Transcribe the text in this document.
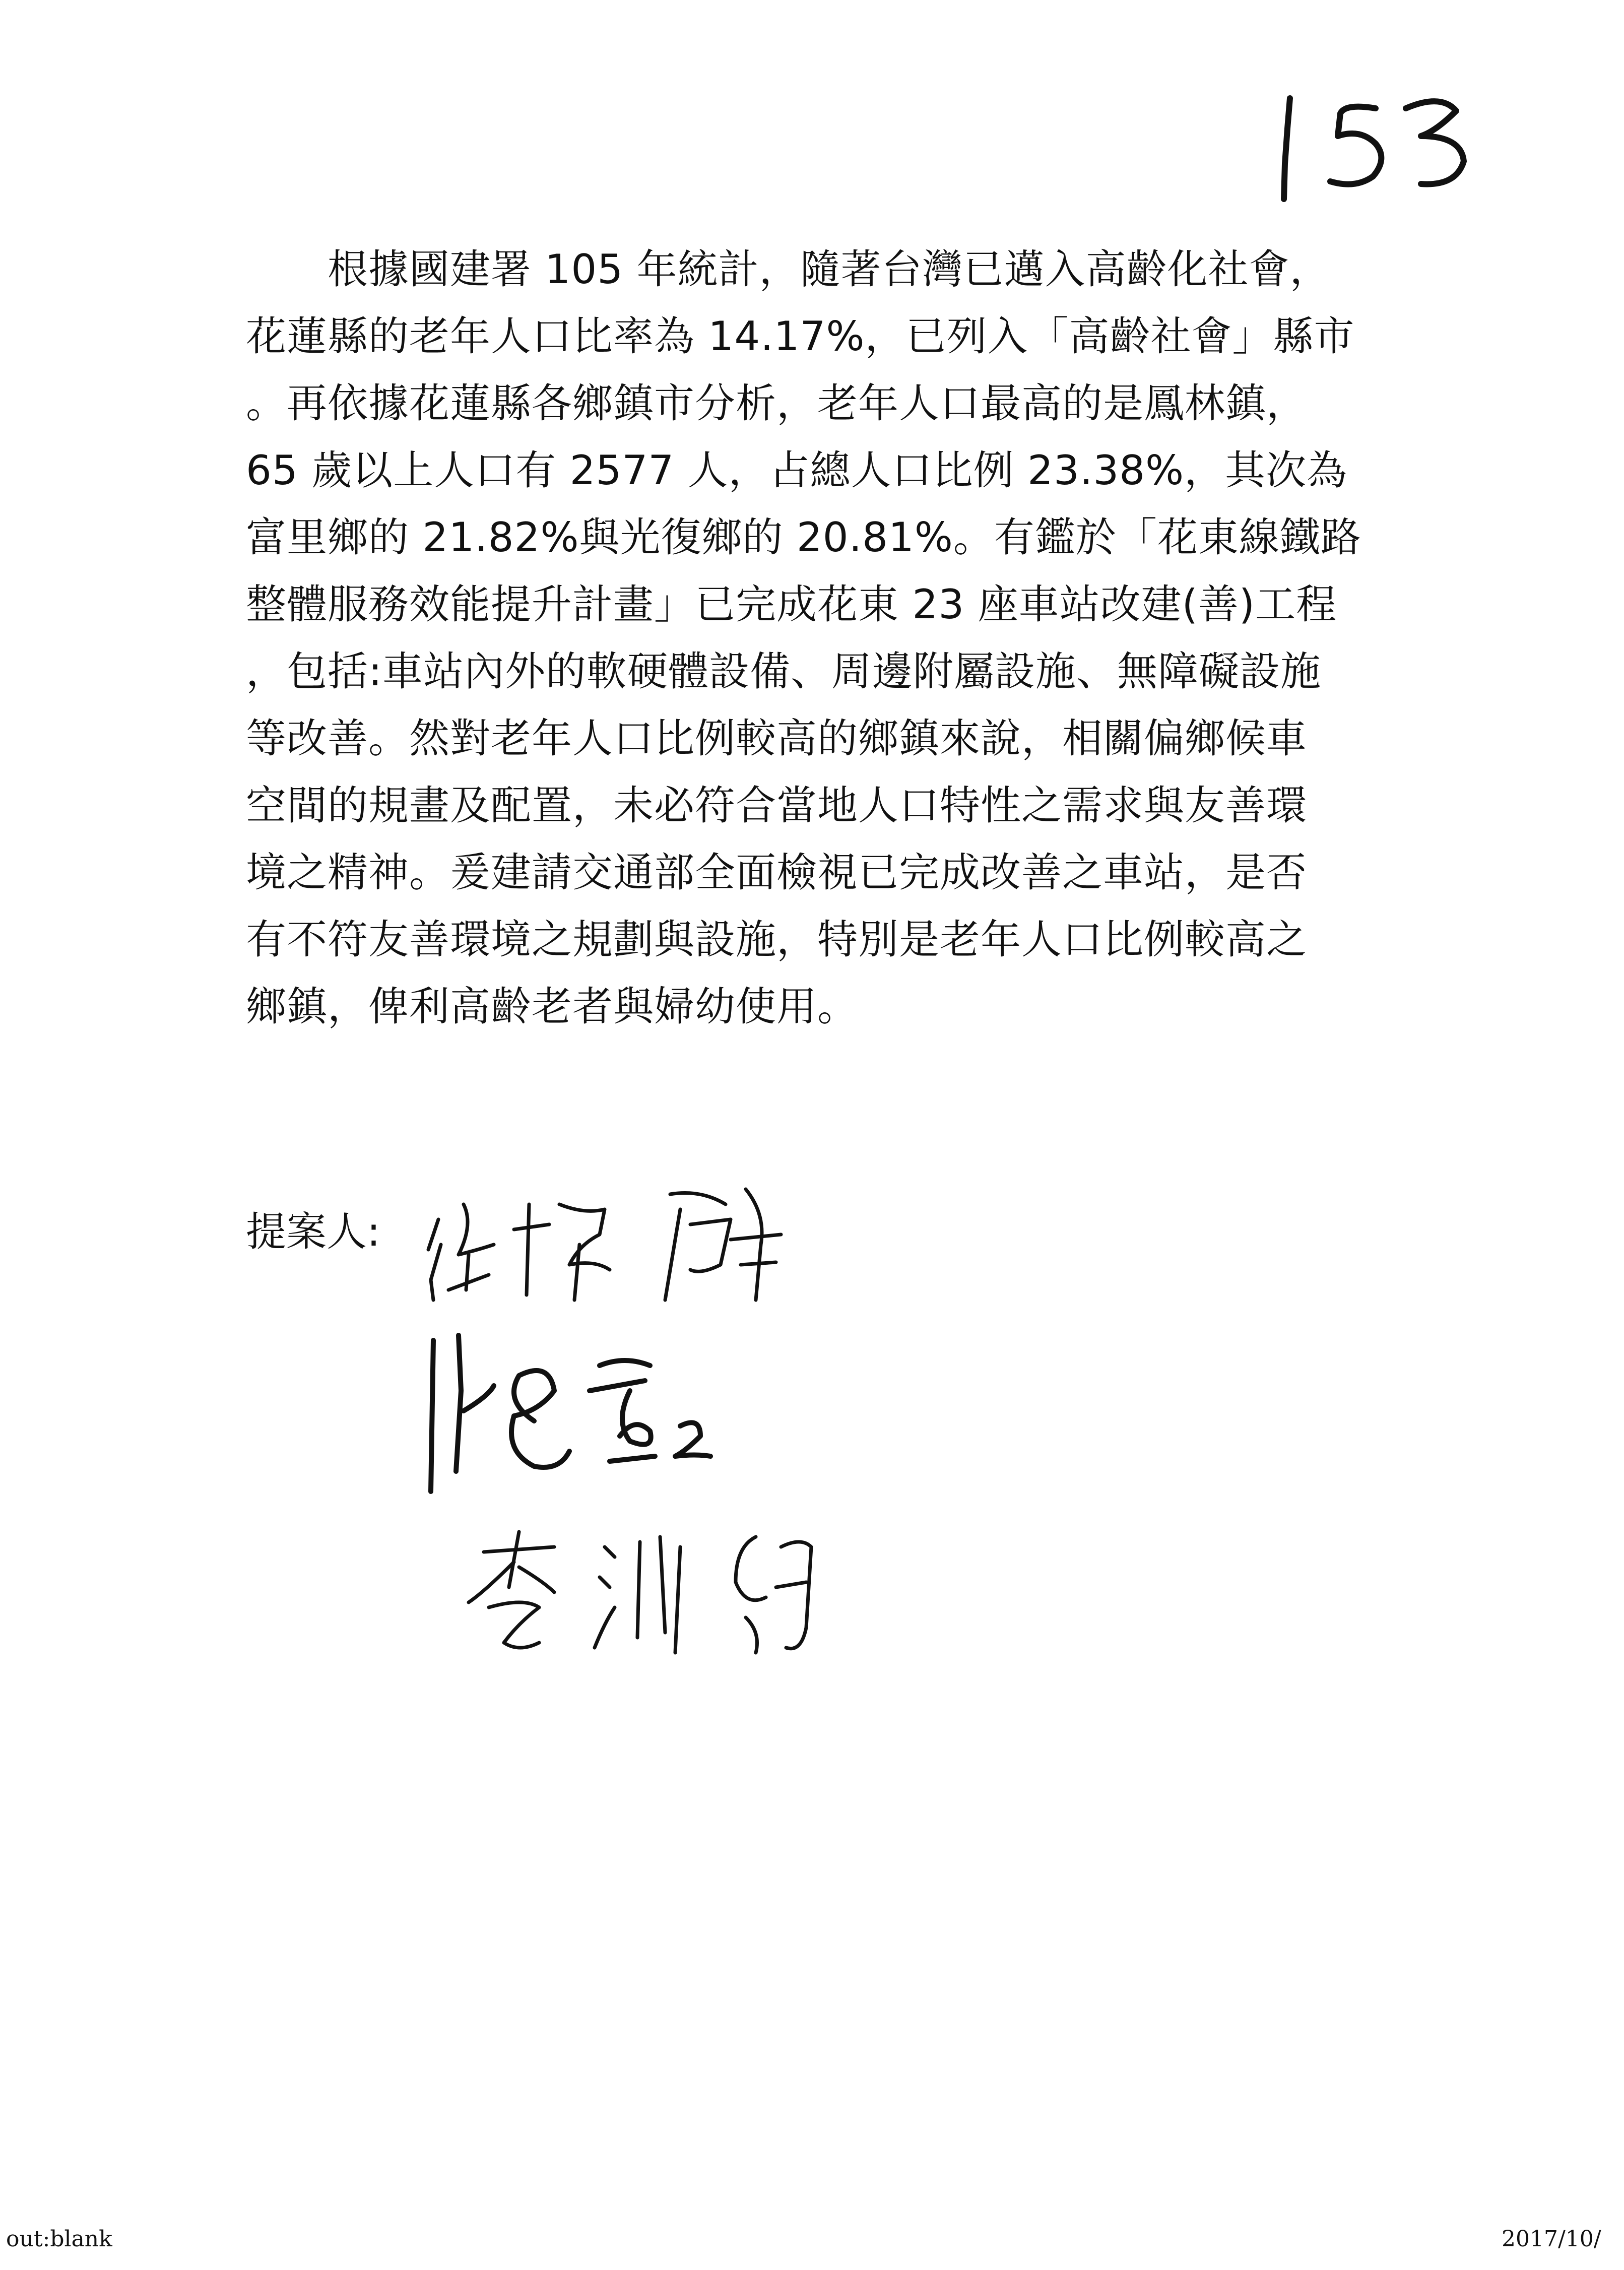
　　根據國建署 105 年統計，隨著台灣已邁入高齡化社會，
花蓮縣的老年人口比率為 14.17%，已列入「高齡社會」縣市
。再依據花蓮縣各鄉鎮市分析，老年人口最高的是鳳林鎮，
65 歲以上人口有 2577 人，占總人口比例 23.38%，其次為
富里鄉的 21.82%與光復鄉的 20.81%。有鑑於「花東線鐵路
整體服務效能提升計畫」已完成花東 23 座車站改建(善)工程
，包括:車站內外的軟硬體設備、周邊附屬設施、無障礙設施
等改善。然對老年人口比例較高的鄉鎮來說，相關偏鄉候車
空間的規畫及配置，未必符合當地人口特性之需求與友善環
境之精神。爰建請交通部全面檢視已完成改善之車站，是否
有不符友善環境之規劃與設施，特別是老年人口比例較高之
鄉鎮，俾利高齡老者與婦幼使用。
提案人:
out:blank	2017/10/
